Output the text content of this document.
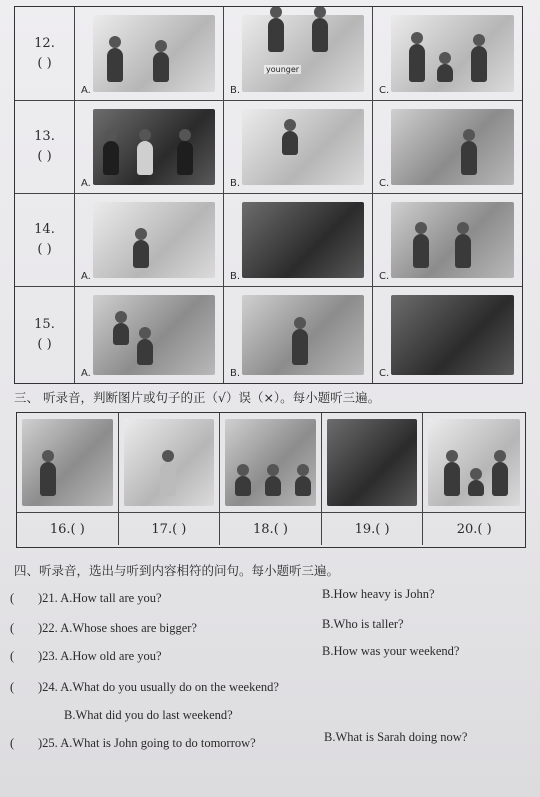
12.
( )
A.
younger
B.	C.
13.
( )
A.	B.	C.
14.
( )
A.	B.	C.
15.
( )
A.	B.	C.
三、 听录音，判断图片或句子的正（√）误（×）。每小题听三遍。
16.( )	17.( )	18.( )	19.( )	20.( )
四、听录音，选出与听到内容相符的问句。每小题听三遍。
( )21. A.How tall are you?	B.How heavy is John?
( )22. A.Whose shoes are bigger?	B.Who is taller?
( )23. A.How old are you?	B.How was your weekend?
( )24. A.What do you usually do on the weekend?
B.What did you do last weekend?
( )25. A.What is John going to do tomorrow?	B.What is Sarah doing now?
